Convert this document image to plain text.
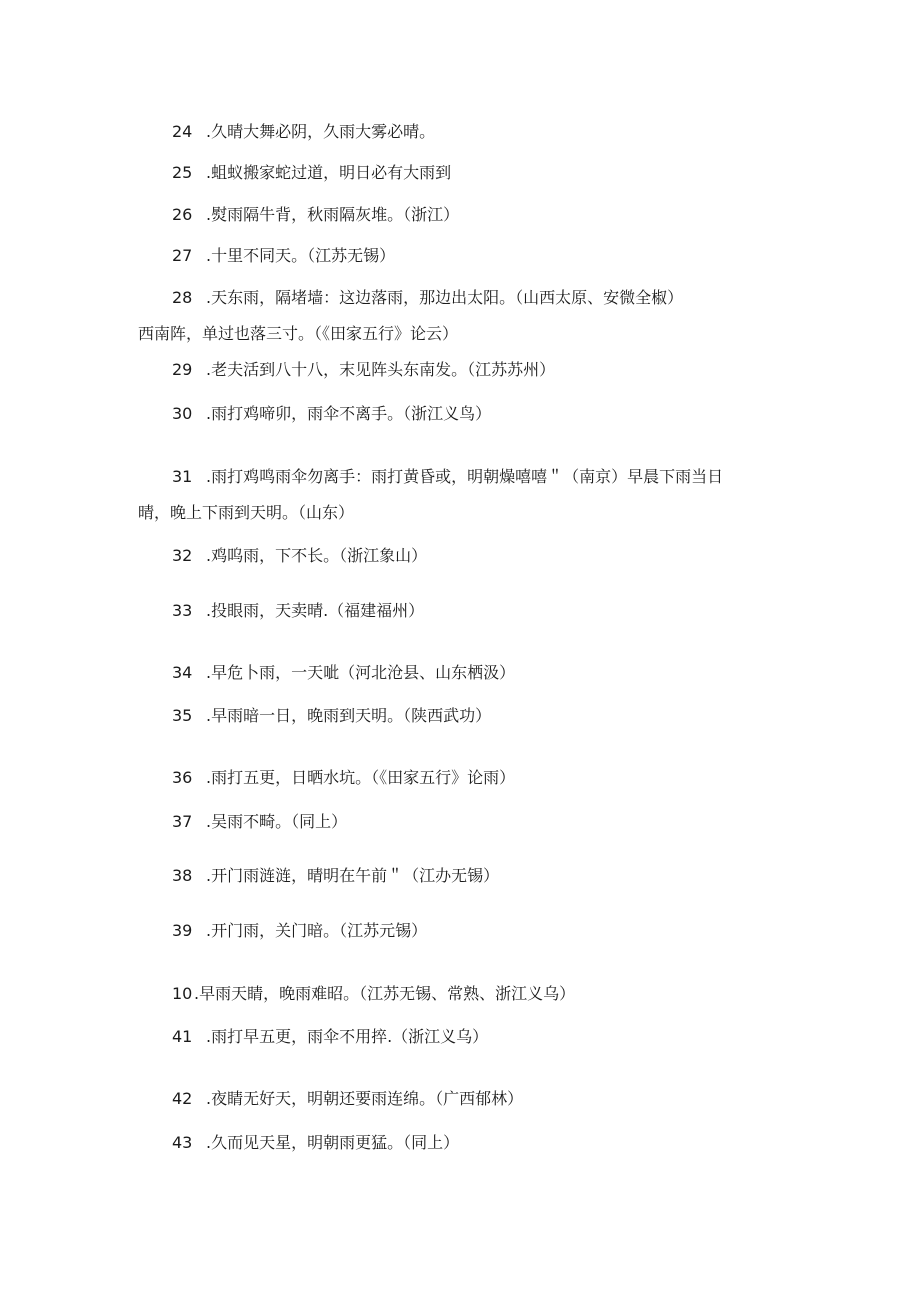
24 .久晴大舞必阴，久雨大雾必晴。
25 .蛆蚁搬家蛇过道，明日必有大雨到
26 .熨雨隔牛背，秋雨隔灰堆。（浙江）
27 .十里不同天。（江苏无锡）
28 .天东雨，隔堵墙：这边落雨，那边出太阳。（山西太原、安微全椒）
西南阵，单过也落三寸。（《田家五行》论云）
29 .老夫活到八十八，末见阵头东南发。（江苏苏州）
30 .雨打鸡啼卯，雨伞不离手。（浙江义鸟）
31 .雨打鸡鸣雨伞勿离手：雨打黄昏或，明朝燥嘻嘻＂（南京）早晨下雨当日
晴，晚上下雨到天明。（山东）
32 .鸡呜雨，下不长。（浙江象山）
33 .投眼雨，天卖晴.（福建福州）
34 .早危卜雨，一天呲（河北沧县、山东栖汲）
35 .早雨暗一日，晚雨到天明。（陕西武功）
36 .雨打五更，日晒水坑。（《田家五行》论雨）
37 .吴雨不畸。（同上）
38 .开门雨涟涟，晴明在午前＂（江办无锡）
39 .开门雨，关门暗。（江苏元锡）
10 .早雨天睛，晚雨难昭。（江苏无锡、常熟、浙江义乌）
41 .雨打早五更，雨伞不用捽.（浙江义乌）
42 .夜睛无好天，明朝还要雨连绵。（广西郁林）
43 .久而见天星，明朝雨更猛。（同上）
